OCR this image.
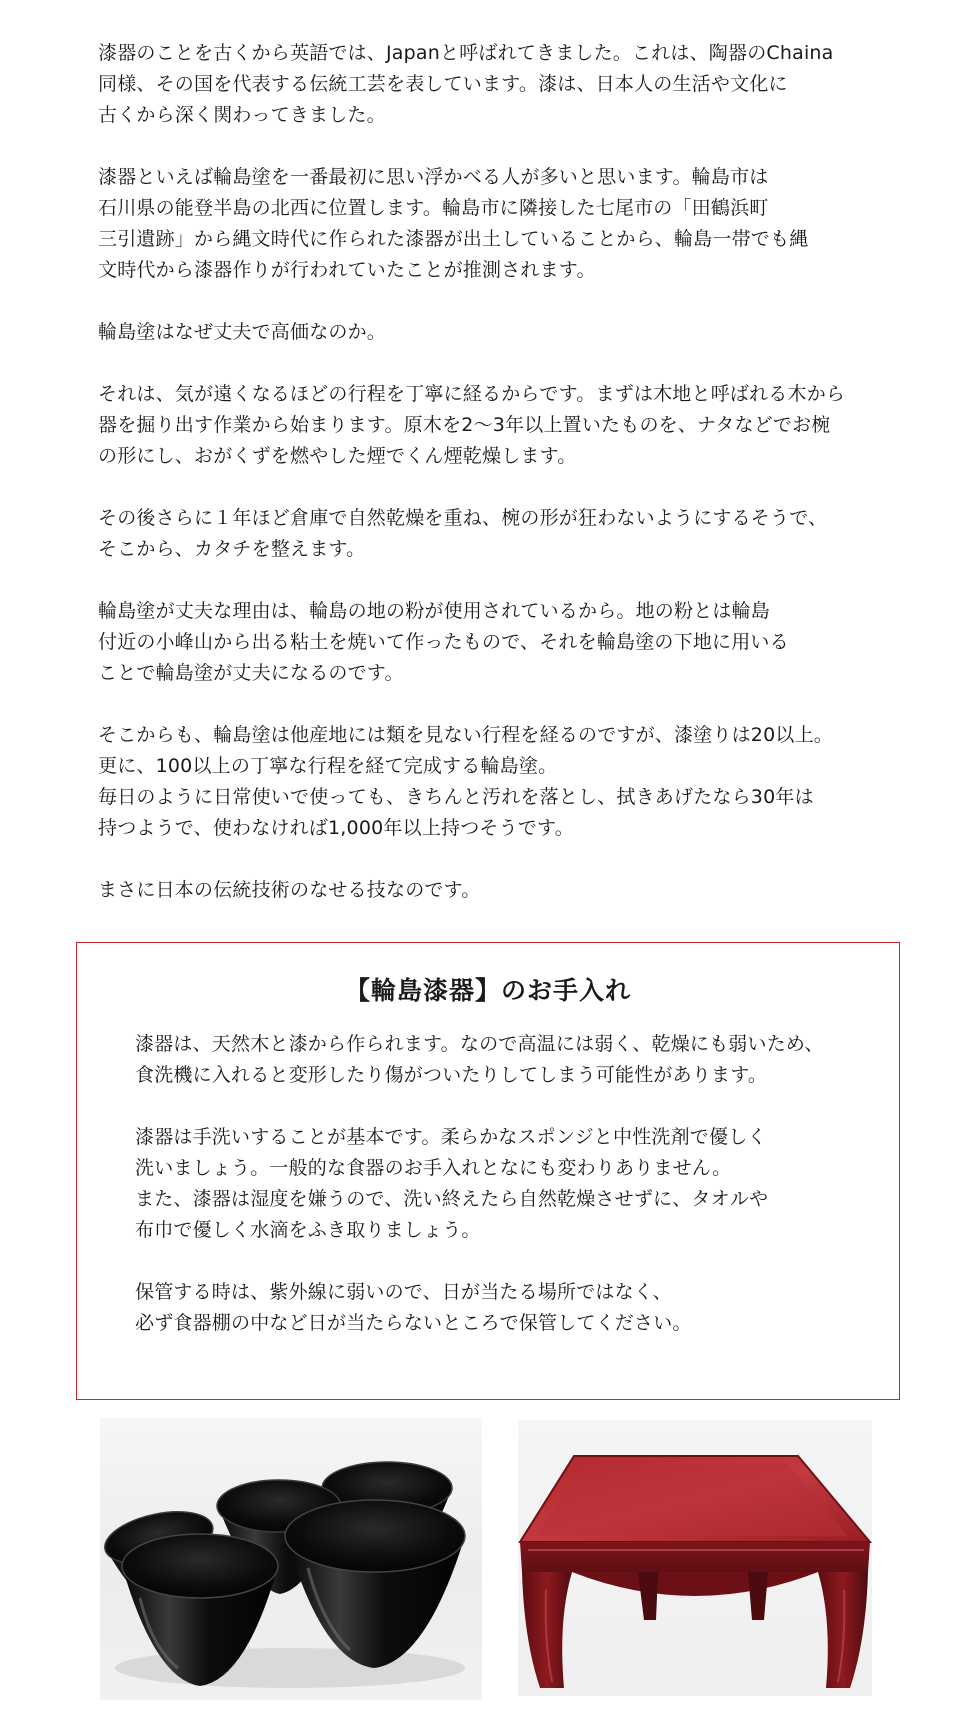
漆器のことを古くから英語では、Japanと呼ばれてきました。これは、陶器のChaina
同様、その国を代表する伝統工芸を表しています。漆は、日本人の生活や文化に
古くから深く関わってきました。

漆器といえば輪島塗を一番最初に思い浮かべる人が多いと思います。輪島市は
石川県の能登半島の北西に位置します。輪島市に隣接した七尾市の「田鶴浜町
三引遺跡」から縄文時代に作られた漆器が出土していることから、輪島一帯でも縄
文時代から漆器作りが行われていたことが推測されます。

輪島塗はなぜ丈夫で高価なのか。

それは、気が遠くなるほどの行程を丁寧に経るからです。まずは木地と呼ばれる木から
器を掘り出す作業から始まります。原木を2〜3年以上置いたものを、ナタなどでお椀
の形にし、おがくずを燃やした煙でくん煙乾燥します。

その後さらに１年ほど倉庫で自然乾燥を重ね、椀の形が狂わないようにするそうで、
そこから、カタチを整えます。

輪島塗が丈夫な理由は、輪島の地の粉が使用されているから。地の粉とは輪島
付近の小峰山から出る粘土を焼いて作ったもので、それを輪島塗の下地に用いる
ことで輪島塗が丈夫になるのです。

そこからも、輪島塗は他産地には類を見ない行程を経るのですが、漆塗りは20以上。
更に、100以上の丁寧な行程を経て完成する輪島塗。
毎日のように日常使いで使っても、きちんと汚れを落とし、拭きあげたなら30年は
持つようで、使わなければ1,000年以上持つそうです。

まさに日本の伝統技術のなせる技なのです。

【輪島漆器】のお手入れ

漆器は、天然木と漆から作られます。なので高温には弱く、乾燥にも弱いため、
食洗機に入れると変形したり傷がついたりしてしまう可能性があります。

漆器は手洗いすることが基本です。柔らかなスポンジと中性洗剤で優しく
洗いましょう。一般的な食器のお手入れとなにも変わりありません。
また、漆器は湿度を嫌うので、洗い終えたら自然乾燥させずに、タオルや
布巾で優しく水滴をふき取りましょう。

保管する時は、紫外線に弱いので、日が当たる場所ではなく、
必ず食器棚の中など日が当たらないところで保管してください。
